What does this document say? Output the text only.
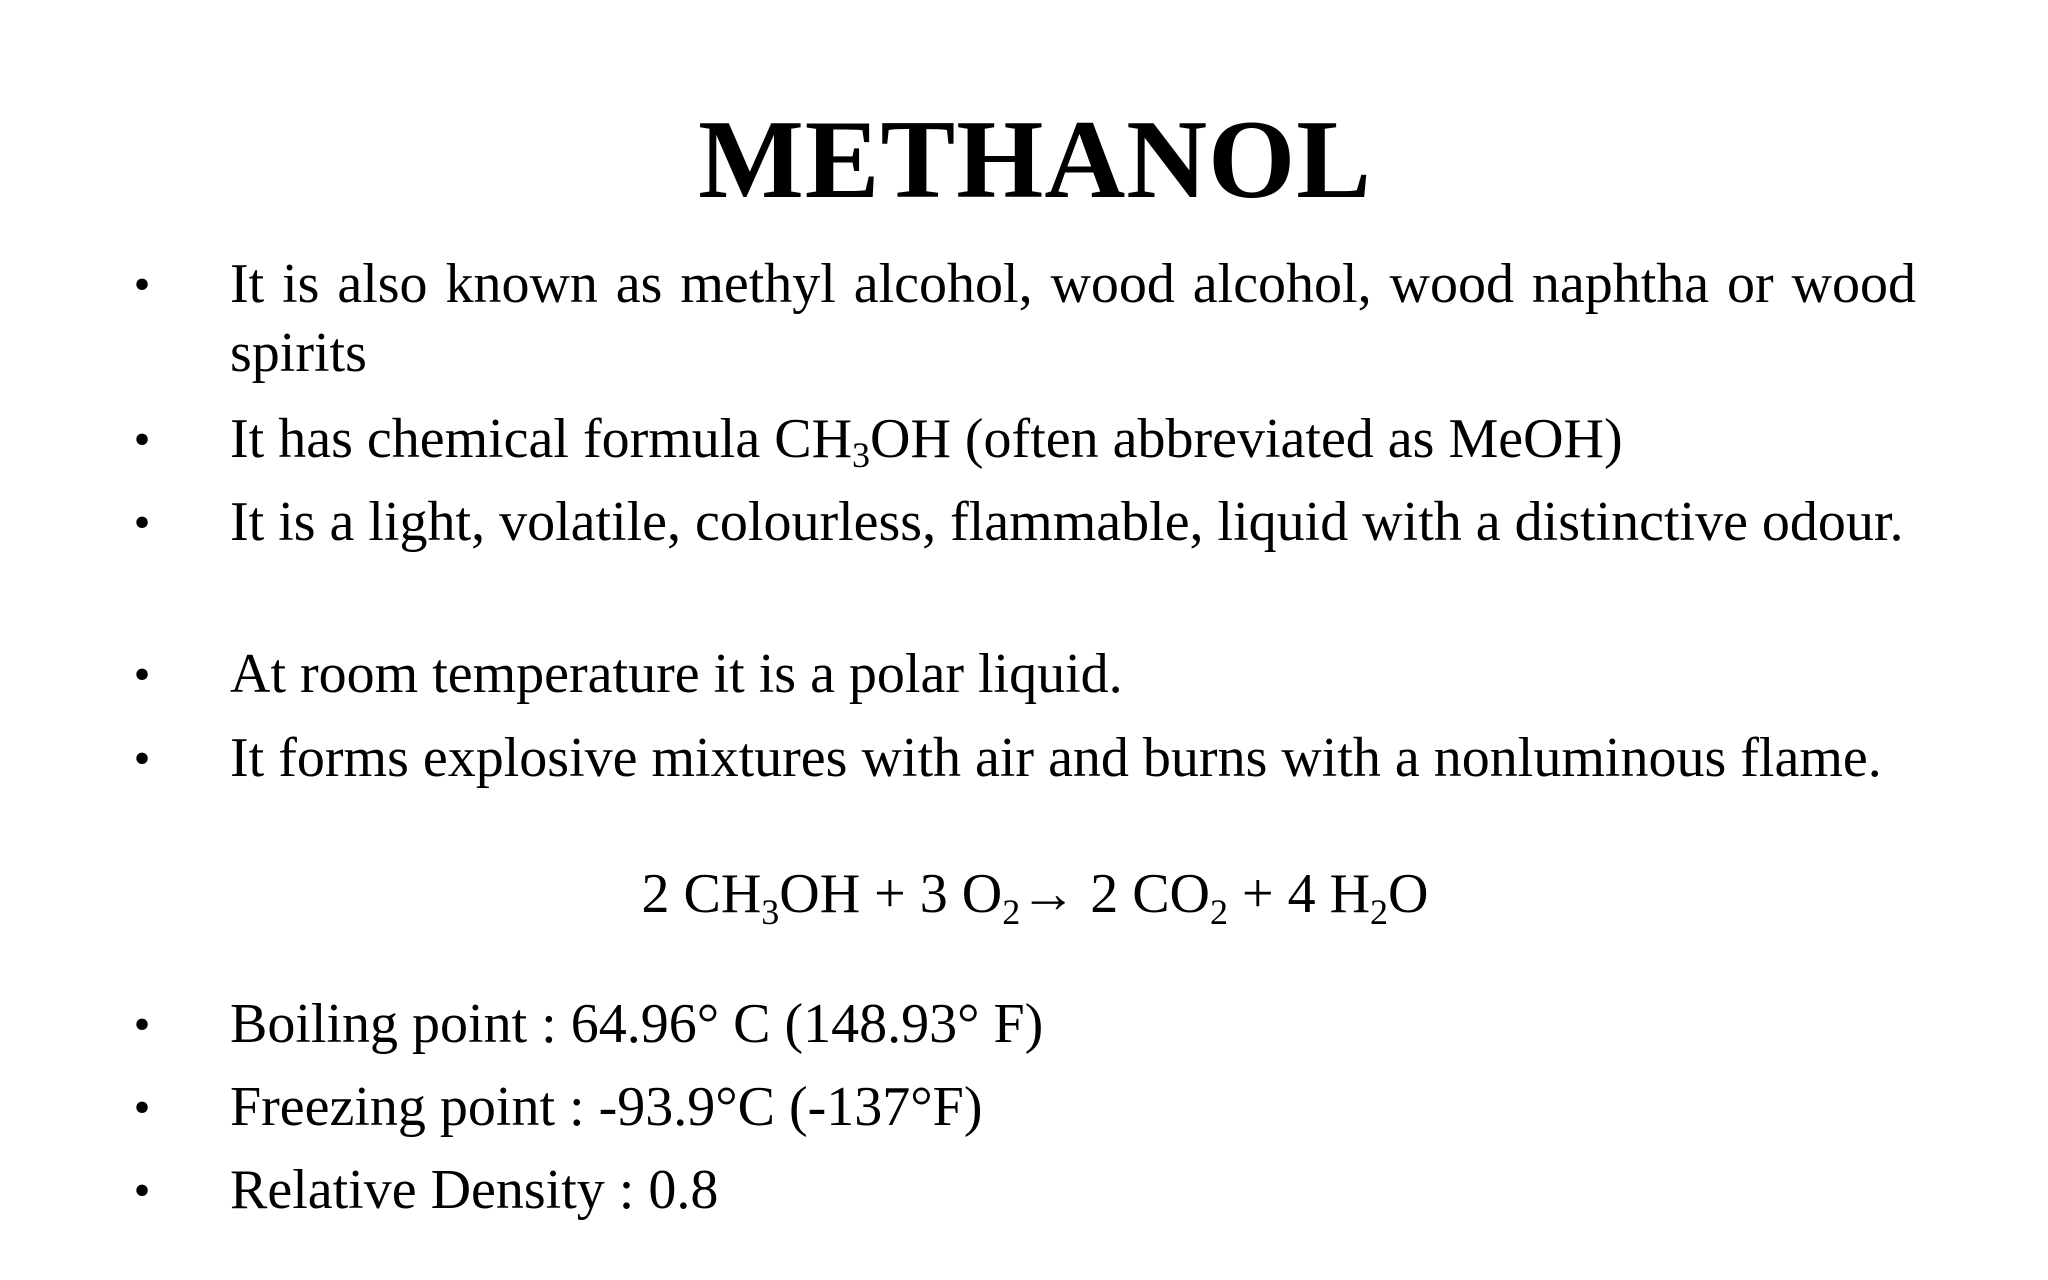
METHANOL
• It is also known as methyl alcohol, wood alcohol, wood naphtha or wood spirits
• It has chemical formula $CH_3OH$ (often abbreviated as MeOH)
• It is a light, volatile, colourless, flammable, liquid with a distinctive odour.
• At room temperature it is a polar liquid.
• It forms explosive mixtures with air and burns with a nonluminous flame.
• Boiling point : 64.96° C (148.93° F)
• Freezing point : -93.9°C (-137°F)
• Relative Density : 0.8
2 $CH_3OH + 3$ $O_2\to 2$ $CO_2 + 4$ $H_2O$
